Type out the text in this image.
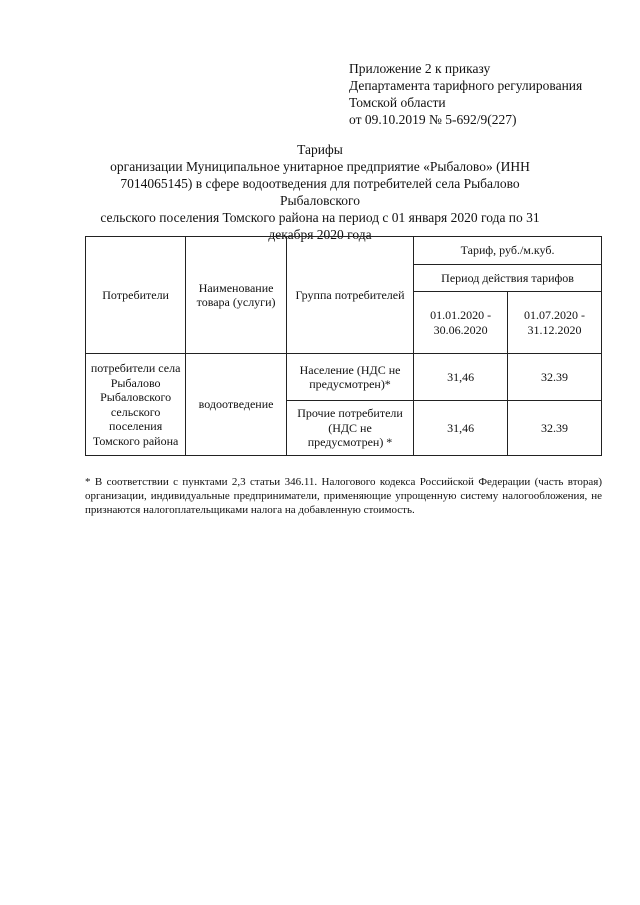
Приложение 2 к приказу
Департамента тарифного регулирования
Томской области
от 09.10.2019 № 5-692/9(227)
Тарифы
организации Муниципальное унитарное предприятие «Рыбалово» (ИНН
7014065145) в сфере водоотведения для потребителей села Рыбалово Рыбаловского
сельского поселения Томского района на период с 01 января 2020 года по 31
декабря 2020 года
Потребители	Наименование товара (услуги)	Группа потребителей	Тариф, руб./м.куб.	
			Период действия тарифов	
			01.01.2020 - 30.06.2020	01.07.2020 - 31.12.2020
потребители села Рыбалово Рыбаловского сельского поселения Томского района	водоотведение	Население (НДС не предусмотрен)*	31,46	32.39
		Прочие потребители (НДС не предусмотрен) *	31,46	32.39
* В соответствии с пунктами 2,3 статьи 346.11. Налогового кодекса Российской Федерации (часть вторая) организации, индивидуальные предприниматели, применяющие упрощенную систему налогообложения, не признаются налогоплательщиками налога на добавленную стоимость.
